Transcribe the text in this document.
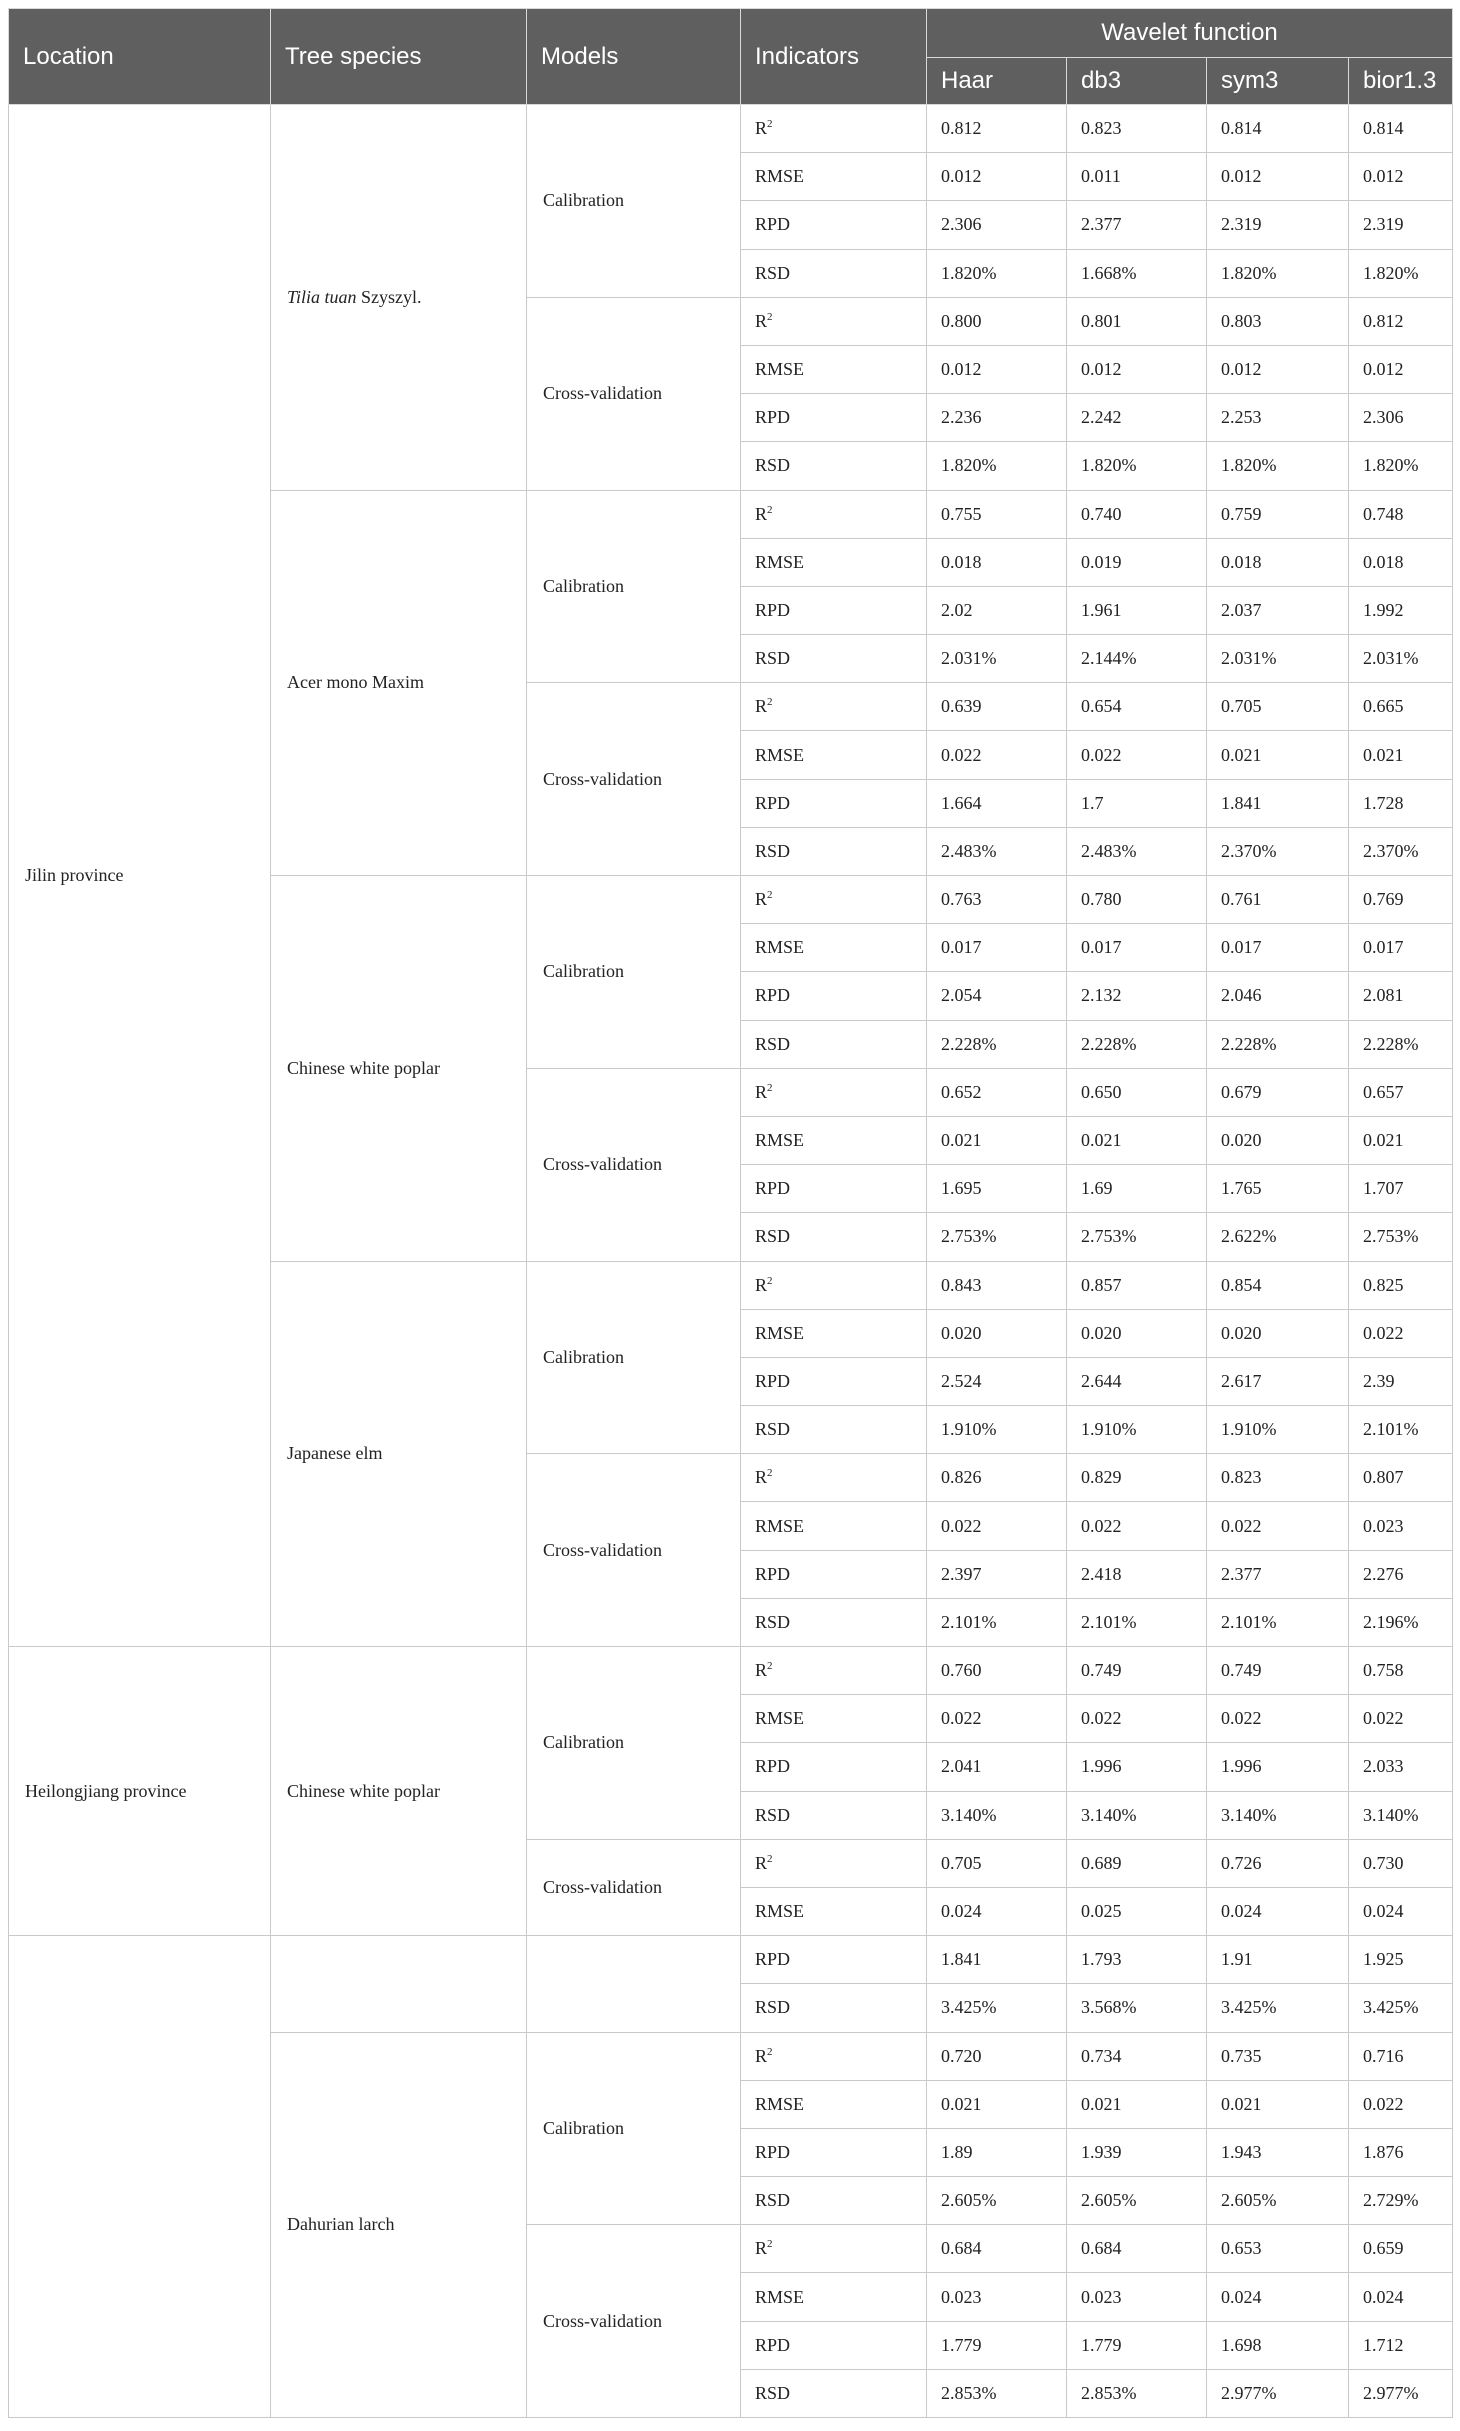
Location	Tree species	Models	Indicators	Wavelet function			
				Haar	db3	sym3	bior1.3
Jilin province	Tilia tuan Szyszyl.	Calibration	$R^2$	0.812	0.823	0.814	0.814
			RMSE	0.012	0.011	0.012	0.012
			RPD	2.306	2.377	2.319	2.319
			RSD	1.820%	1.668%	1.820%	1.820%
		Cross-validation	$R^2$	0.800	0.801	0.803	0.812
			RMSE	0.012	0.012	0.012	0.012
			RPD	2.236	2.242	2.253	2.306
			RSD	1.820%	1.820%	1.820%	1.820%
	Acer mono Maxim	Calibration	$R^2$	0.755	0.740	0.759	0.748
			RMSE	0.018	0.019	0.018	0.018
			RPD	2.02	1.961	2.037	1.992
			RSD	2.031%	2.144%	2.031%	2.031%
		Cross-validation	$R^2$	0.639	0.654	0.705	0.665
			RMSE	0.022	0.022	0.021	0.021
			RPD	1.664	1.7	1.841	1.728
			RSD	2.483%	2.483%	2.370%	2.370%
	Chinese white poplar	Calibration	$R^2$	0.763	0.780	0.761	0.769
			RMSE	0.017	0.017	0.017	0.017
			RPD	2.054	2.132	2.046	2.081
			RSD	2.228%	2.228%	2.228%	2.228%
		Cross-validation	$R^2$	0.652	0.650	0.679	0.657
			RMSE	0.021	0.021	0.020	0.021
			RPD	1.695	1.69	1.765	1.707
			RSD	2.753%	2.753%	2.622%	2.753%
	Japanese elm	Calibration	$R^2$	0.843	0.857	0.854	0.825
			RMSE	0.020	0.020	0.020	0.022
			RPD	2.524	2.644	2.617	2.39
			RSD	1.910%	1.910%	1.910%	2.101%
		Cross-validation	$R^2$	0.826	0.829	0.823	0.807
			RMSE	0.022	0.022	0.022	0.023
			RPD	2.397	2.418	2.377	2.276
			RSD	2.101%	2.101%	2.101%	2.196%
Heilongjiang province	Chinese white poplar	Calibration	$R^2$	0.760	0.749	0.749	0.758
			RMSE	0.022	0.022	0.022	0.022
			RPD	2.041	1.996	1.996	2.033
			RSD	3.140%	3.140%	3.140%	3.140%
		Cross-validation	$R^2$	0.705	0.689	0.726	0.730
			RMSE	0.024	0.025	0.024	0.024
			RPD	1.841	1.793	1.91	1.925
			RSD	3.425%	3.568%	3.425%	3.425%
	Dahurian larch	Calibration	$R^2$	0.720	0.734	0.735	0.716
			RMSE	0.021	0.021	0.021	0.022
			RPD	1.89	1.939	1.943	1.876
			RSD	2.605%	2.605%	2.605%	2.729%
		Cross-validation	$R^2$	0.684	0.684	0.653	0.659
			RMSE	0.023	0.023	0.024	0.024
			RPD	1.779	1.779	1.698	1.712
			RSD	2.853%	2.853%	2.977%	2.977%
